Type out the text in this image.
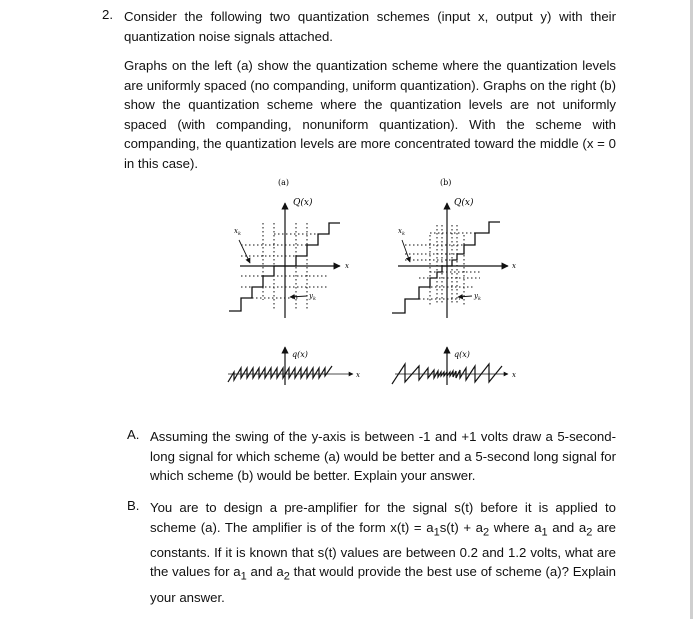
2. Consider the following two quantization schemes (input x, output y) with their quantization noise signals attached.

Graphs on the left (a) show the quantization scheme where the quantization levels are uniformly spaced (no companding, uniform quantization). Graphs on the right (b) show the quantization scheme where the quantization levels are not uniformly spaced (with companding, nonuniform quantization). With the scheme with companding, the quantization levels are more concentrated toward the middle (x = 0 in this case).

(a)
Q(x)
x
$x_k$
$y_k$
q(x)
x
(b)
Q(x)
x
$x_k$
$y_k$
q(x)
x
A. Assuming the swing of the y-axis is between -1 and +1 volts draw a 5-second-long signal for which scheme (a) would be better and a 5-second long signal for which scheme (b) would be better. Explain your answer.

B. You are to design a pre-amplifier for the signal s(t) before it is applied to scheme (a). The amplifier is of the form $x(t) = a_1s(t) + a_2$ where $a_1$ and $a_2$ are constants. If it is known that s(t) values are between 0.2 and 1.2 volts, what are the values for $a_1$ and $a_2$ that would provide the best use of scheme (a)? Explain your answer.
